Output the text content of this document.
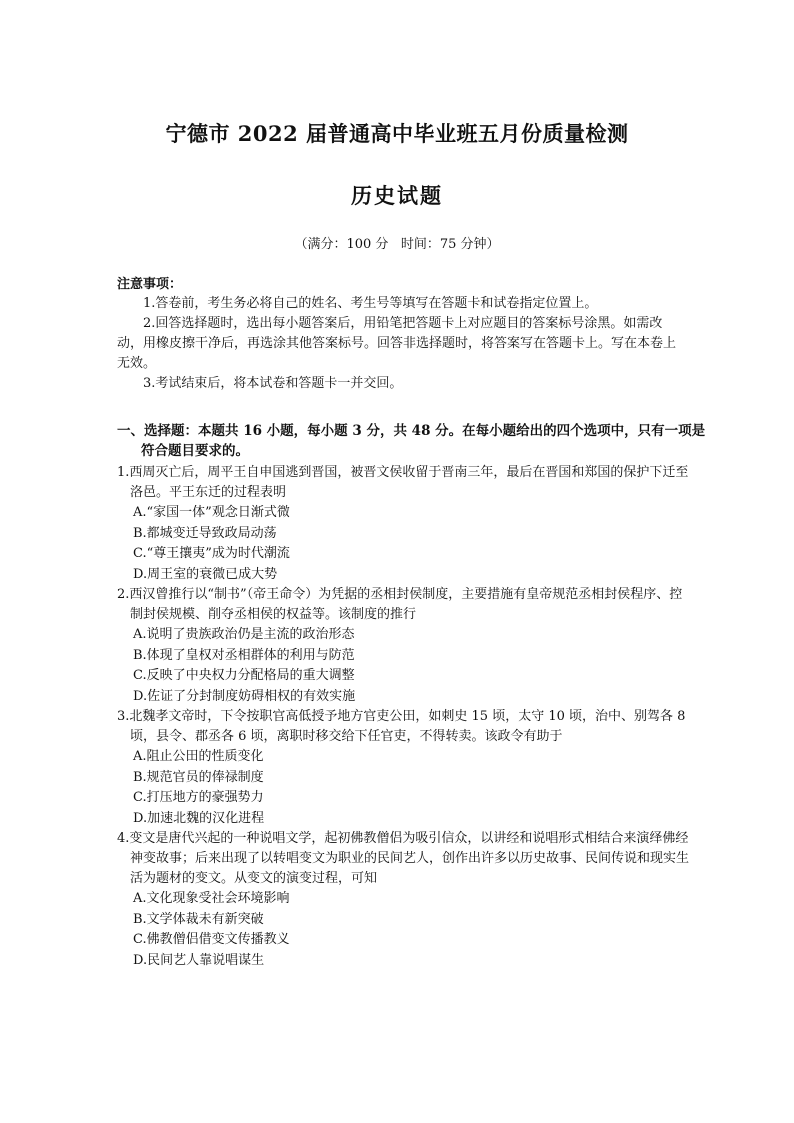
宁德市 2022 届普通高中毕业班五月份质量检测
历史试题
（满分：100 分   时间：75 分钟）
注意事项：
1.答卷前，考生务必将自己的姓名、考生号等填写在答题卡和试卷指定位置上。
2.回答选择题时，选出每小题答案后，用铅笔把答题卡上对应题目的答案标号涂黑。如需改动，用橡皮擦干净后，再选涂其他答案标号。回答非选择题时，将答案写在答题卡上。写在本卷上无效。
3.考试结束后，将本试卷和答题卡一并交回。
一、选择题：本题共 16 小题，每小题 3 分，共 48 分。在每小题给出的四个选项中，只有一项是符合题目要求的。
1.西周灭亡后，周平王自申国逃到晋国，被晋文侯收留于晋南三年，最后在晋国和郑国的保护下迁至洛邑。平王东迁的过程表明
A.“家国一体”观念日渐式微
B.都城变迁导致政局动荡
C.“尊王攘夷”成为时代潮流
D.周王室的衰微已成大势
2.西汉曾推行以“制书”（帝王命令）为凭据的丞相封侯制度，主要措施有皇帝规范丞相封侯程序、控制封侯规模、削夺丞相侯的权益等。该制度的推行
A.说明了贵族政治仍是主流的政治形态
B.体现了皇权对丞相群体的利用与防范
C.反映了中央权力分配格局的重大调整
D.佐证了分封制度妨碍相权的有效实施
3.北魏孝文帝时，下令按职官高低授予地方官吏公田，如刺史 15 顷，太守 10 顷，治中、别驾各 8 顷，县令、郡丞各 6 顷，离职时移交给下任官吏，不得转卖。该政令有助于
A.阻止公田的性质变化
B.规范官员的俸禄制度
C.打压地方的豪强势力
D.加速北魏的汉化进程
4.变文是唐代兴起的一种说唱文学，起初佛教僧侣为吸引信众，以讲经和说唱形式相结合来演绎佛经神变故事；后来出现了以转唱变文为职业的民间艺人，创作出许多以历史故事、民间传说和现实生活为题材的变文。从变文的演变过程，可知
A.文化现象受社会环境影响
B.文学体裁未有新突破
C.佛教僧侣借变文传播教义
D.民间艺人靠说唱谋生
